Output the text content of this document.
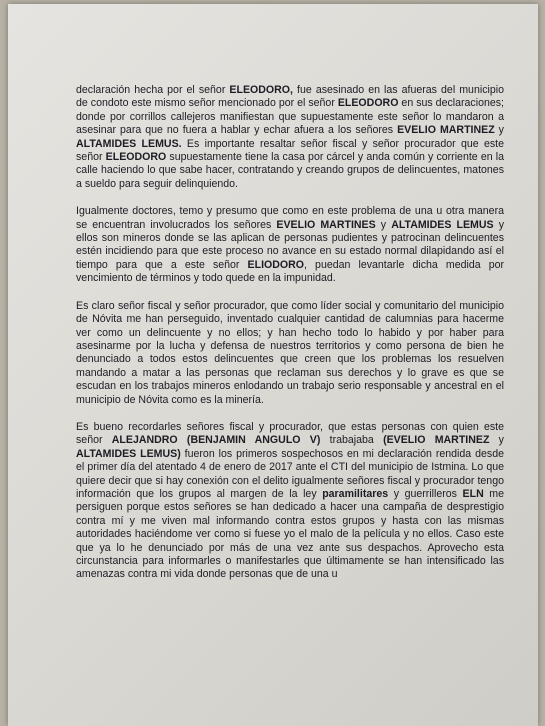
declaración hecha por el señor ELEODORO, fue asesinado en las afueras del municipio de condoto este mismo señor mencionado por el señor ELEODORO en sus declaraciones; donde por corrillos callejeros manifiestan que supuestamente este señor lo mandaron a asesinar para que no fuera a hablar y echar afuera a los señores EVELIO MARTINEZ y ALTAMIDES LEMUS. Es importante resaltar señor fiscal y señor procurador que este señor ELEODORO supuestamente tiene la casa por cárcel y anda común y corriente en la calle haciendo lo que sabe hacer, contratando y creando grupos de delincuentes, matones a sueldo para seguir delinquiendo.

Igualmente doctores, temo y presumo que como en este problema de una u otra manera se encuentran involucrados los señores EVELIO MARTINES y ALTAMIDES LEMUS y ellos son mineros donde se las aplican de personas pudientes y patrocinan delincuentes estén incidiendo para que este proceso no avance en su estado normal dilapidando así el tiempo para que a este señor ELIODORO, puedan levantarle dicha medida por vencimiento de términos y todo quede en la impunidad.

Es claro señor fiscal y señor procurador, que como líder social y comunitario del municipio de Nóvita me han perseguido, inventado cualquier cantidad de calumnias para hacerme ver como un delincuente y no ellos; y han hecho todo lo habido y por haber para asesinarme por la lucha y defensa de nuestros territorios y como persona de bien he denunciado a todos estos delincuentes que creen que los problemas los resuelven mandando a matar a las personas que reclaman sus derechos y lo grave es que se escudan en los trabajos mineros enlodando un trabajo serio responsable y ancestral en el municipio de Nóvita como es la minería.

Es bueno recordarles señores fiscal y procurador, que estas personas con quien este señor ALEJANDRO (BENJAMIN ANGULO V) trabajaba (EVELIO MARTINEZ y ALTAMIDES LEMUS) fueron los primeros sospechosos en mi declaración rendida desde el primer día del atentado 4 de enero de 2017 ante el CTI del municipio de Istmina. Lo que quiere decir que si hay conexión con el delito igualmente señores fiscal y procurador tengo información que los grupos al margen de la ley paramilitares y guerrilleros ELN me persiguen porque estos señores se han dedicado a hacer una campaña de desprestigio contra mí y me viven mal informando contra estos grupos y hasta con las mismas autoridades haciéndome ver como si fuese yo el malo de la película y no ellos. Caso este que ya lo he denunciado por más de una vez ante sus despachos. Aprovecho esta circunstancia para informarles o manifestarles que últimamente se han intensificado las amenazas contra mi vida donde personas que de una u
